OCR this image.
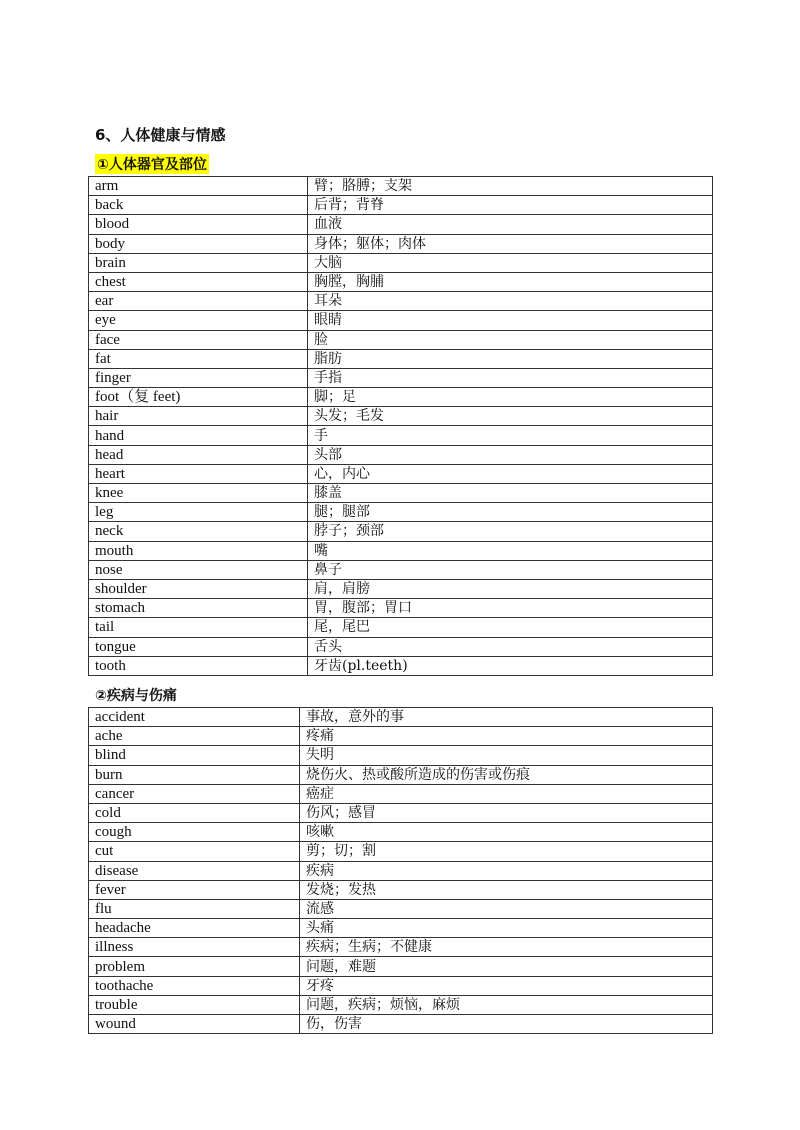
6、人体健康与情感
①人体器官及部位
arm	臂；胳膊；支架
back	后背；背脊
blood	血液
body	身体；躯体；肉体
brain	大脑
chest	胸膛，胸脯
ear	耳朵
eye	眼睛
face	脸
fat	脂肪
finger	手指
foot（复 feet)	脚；足
hair	头发；毛发
hand	手
head	头部
heart	心，内心
knee	膝盖
leg	腿；腿部
neck	脖子；颈部
mouth	嘴
nose	鼻子
shoulder	肩，肩膀
stomach	胃，腹部；胃口
tail	尾，尾巴
tongue	舌头
tooth	牙齿(pl.teeth)
②疾病与伤痛
accident	事故，意外的事
ache	疼痛
blind	失明
burn	烧伤火、热或酸所造成的伤害或伤痕
cancer	癌症
cold	伤风；感冒
cough	咳嗽
cut	剪；切；割
disease	疾病
fever	发烧；发热
flu	流感
headache	头痛
illness	疾病；生病；不健康
problem	问题，难题
toothache	牙疼
trouble	问题，疾病；烦恼，麻烦
wound	伤，伤害
